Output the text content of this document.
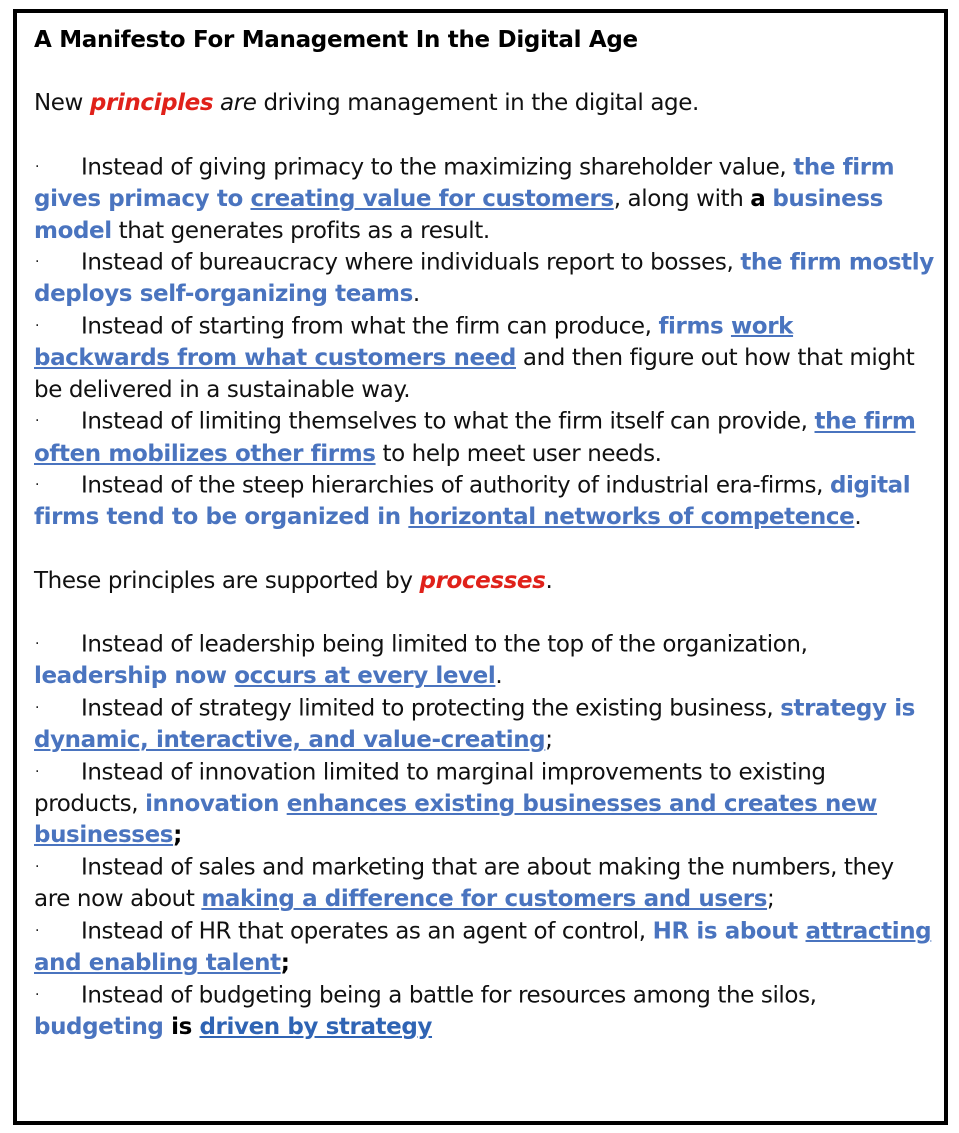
A Manifesto For Management In the Digital Age

New principles are driving management in the digital age.

· Instead of giving primacy to the maximizing shareholder value, the firm gives primacy to creating value for customers, along with a business model that generates profits as a result.

· Instead of bureaucracy where individuals report to bosses, the firm mostly deploys self-organizing teams.

· Instead of starting from what the firm can produce, firms work backwards from what customers need and then figure out how that might be delivered in a sustainable way.

· Instead of limiting themselves to what the firm itself can provide, the firm often mobilizes other firms to help meet user needs.

· Instead of the steep hierarchies of authority of industrial era-firms, digital firms tend to be organized in horizontal networks of competence.

These principles are supported by processes.

· Instead of leadership being limited to the top of the organization, leadership now occurs at every level.

· Instead of strategy limited to protecting the existing business, strategy is dynamic, interactive, and value-creating;

· Instead of innovation limited to marginal improvements to existing products, innovation enhances existing businesses and creates new businesses;

· Instead of sales and marketing that are about making the numbers, they are now about making a difference for customers and users;

· Instead of HR that operates as an agent of control, HR is about attracting and enabling talent;

· Instead of budgeting being a battle for resources among the silos, budgeting is driven by strategy
